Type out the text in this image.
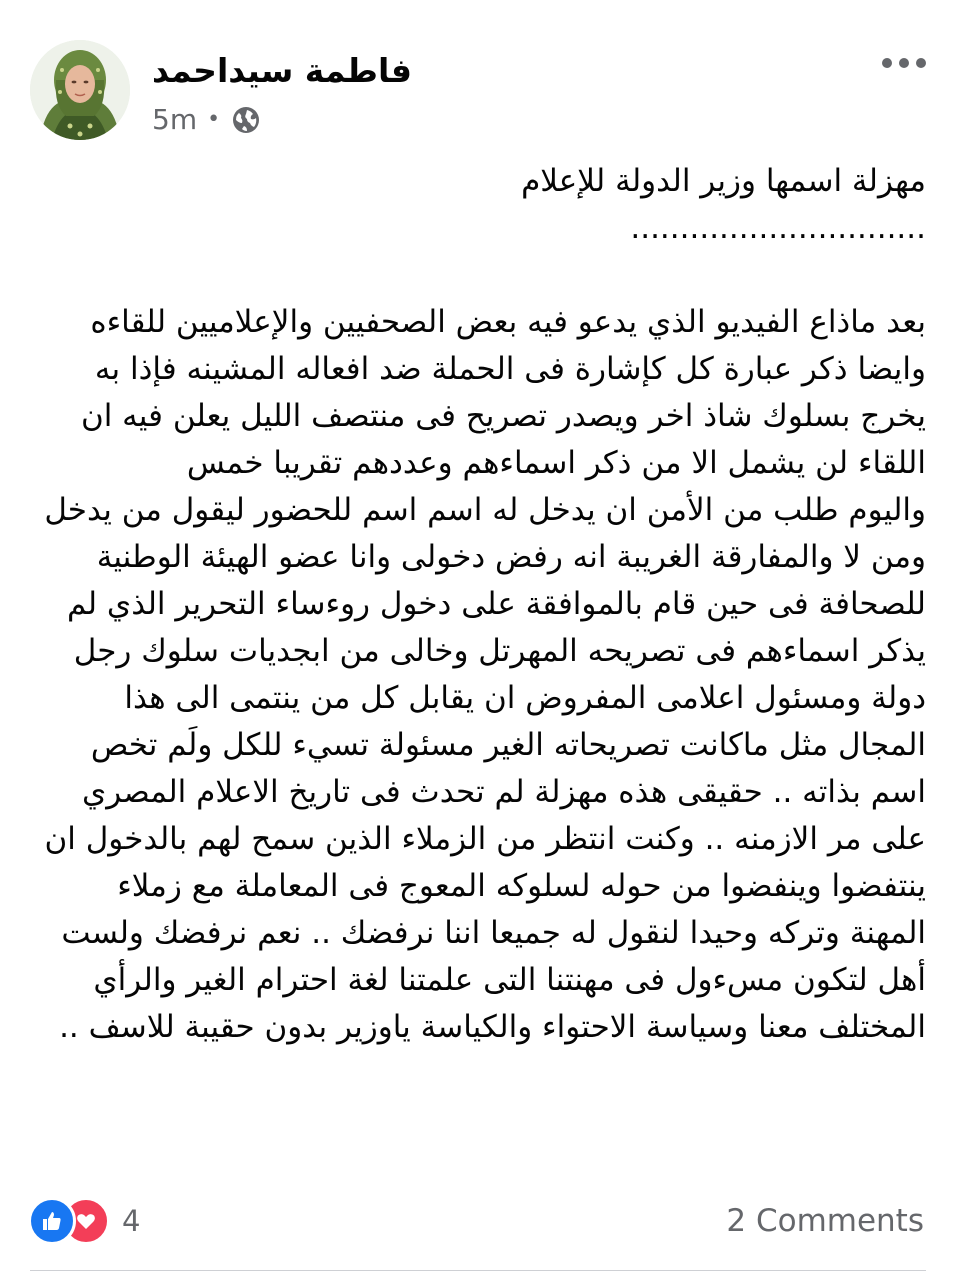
فاطمة سيداحمد
5m •

مهزلة اسمها وزير الدولة للإعلام

..............................

بعد ماذاع الفيديو الذي يدعو فيه بعض الصحفيين والإعلاميين للقاءه وايضا ذكر عبارة كل كإشارة فى الحملة ضد افعاله المشينه فإذا به يخرج بسلوك شاذ اخر ويصدر تصريح فى منتصف الليل يعلن فيه ان اللقاء لن يشمل الا من ذكر اسماءهم وعددهم تقريبا خمس

واليوم طلب من الأمن ان يدخل له اسم اسم للحضور ليقول من يدخل ومن لا والمفارقة الغريبة انه رفض دخولى وانا عضو الهيئة الوطنية للصحافة فى حين قام بالموافقة على دخول روءساء التحرير الذي لم يذكر اسماءهم فى تصريحه المهرتل وخالى من ابجديات سلوك رجل دولة ومسئول اعلامى المفروض ان يقابل كل من ينتمى الى هذا المجال مثل ماكانت تصريحاته الغير مسئولة تسيء للكل ولَم تخص اسم بذاته .. حقيقى هذه مهزلة لم تحدث فى تاريخ الاعلام المصري على مر الازمنه .. وكنت انتظر من الزملاء الذين سمح لهم بالدخول ان ينتفضوا وينفضوا من حوله لسلوكه المعوج فى المعاملة مع زملاء المهنة وتركه وحيدا لنقول له جميعا اننا نرفضك .. نعم نرفضك ولست أهل لتكون مسءول فى مهنتنا التى علمتنا لغة احترام الغير والرأي المختلف معنا وسياسة الاحتواء والكياسة ياوزير بدون حقيبة للاسف ..

4	2 Comments
